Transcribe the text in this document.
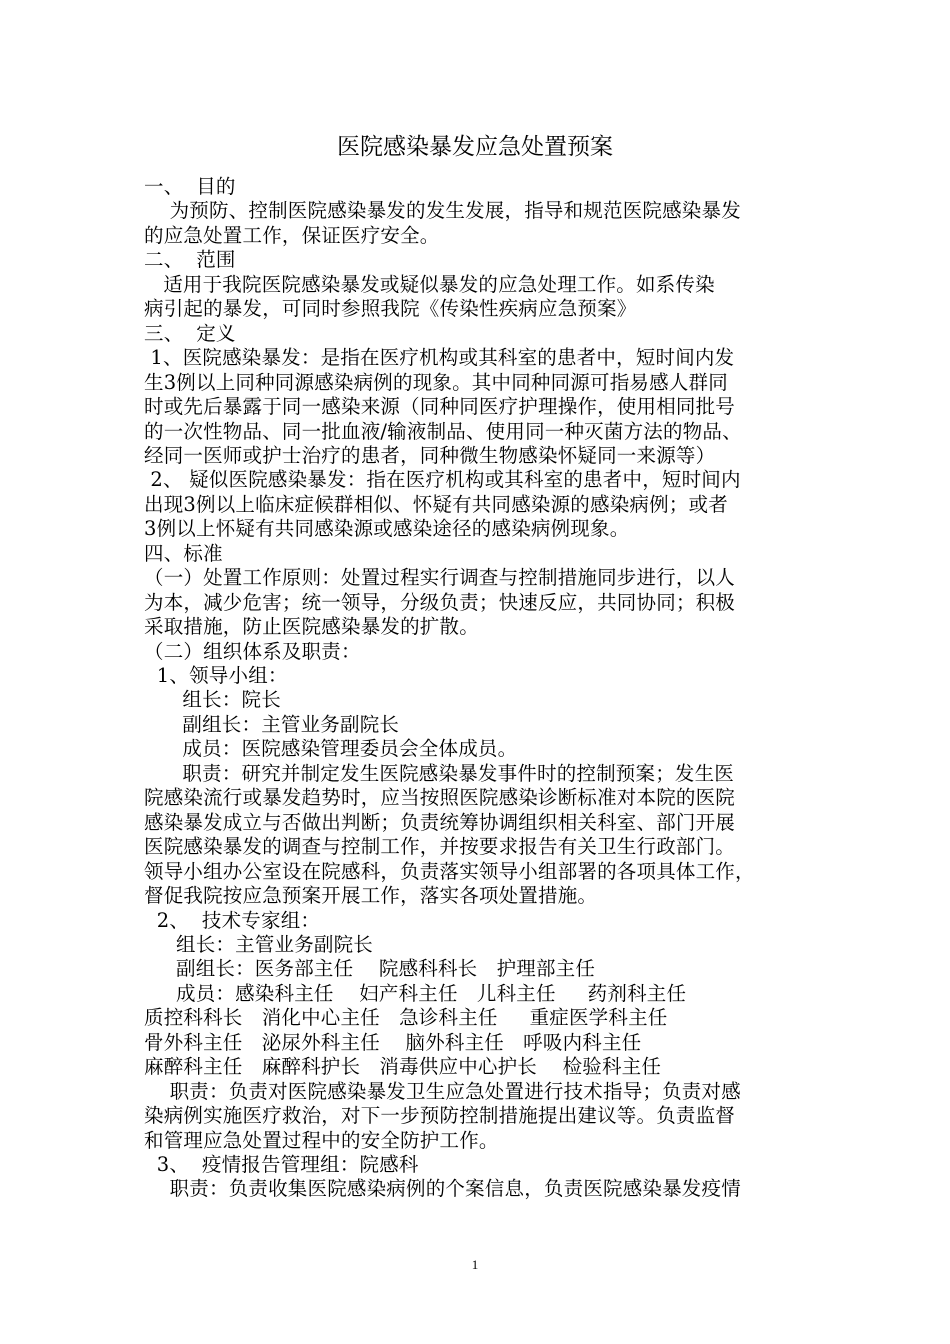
医院感染暴发应急处置预案
一、  目的
为预防、控制医院感染暴发的发生发展，指导和规范医院感染暴发
的应急处置工作，保证医疗安全。
二、  范围
适用于我院医院感染暴发或疑似暴发的应急处理工作。如系传染
病引起的暴发，可同时参照我院《传染性疾病应急预案》
三、  定义
1、医院感染暴发：是指在医疗机构或其科室的患者中，短时间内发
生3例以上同种同源感染病例的现象。其中同种同源可指易感人群同
时或先后暴露于同一感染来源（同种同医疗护理操作，使用相同批号
的一次性物品、同一批血液/输液制品、使用同一种灭菌方法的物品、
经同一医师或护士治疗的患者，同种微生物感染怀疑同一来源等）
2、 疑似医院感染暴发：指在医疗机构或其科室的患者中，短时间内
出现3例以上临床症候群相似、怀疑有共同感染源的感染病例；或者
3例以上怀疑有共同感染源或感染途径的感染病例现象。
四、标准
（一）处置工作原则：处置过程实行调查与控制措施同步进行，以人
为本，减少危害；统一领导，分级负责；快速反应，共同协同；积极
采取措施，防止医院感染暴发的扩散。
（二）组织体系及职责：
1、领导小组：
组长：院长
副组长：主管业务副院长
成员：医院感染管理委员会全体成员。
职责：研究并制定发生医院感染暴发事件时的控制预案；发生医
院感染流行或暴发趋势时，应当按照医院感染诊断标准对本院的医院
感染暴发成立与否做出判断；负责统筹协调组织相关科室、部门开展
医院感染暴发的调查与控制工作，并按要求报告有关卫生行政部门。
领导小组办公室设在院感科，负责落实领导小组部署的各项具体工作，
督促我院按应急预案开展工作，落实各项处置措施。
2、  技术专家组：
组长：主管业务副院长
副组长：医务部主任    院感科科长   护理部主任
成员：感染科主任    妇产科主任   儿科主任     药剂科主任
质控科科长   消化中心主任   急诊科主任     重症医学科主任
骨外科主任   泌尿外科主任    脑外科主任   呼吸内科主任
麻醉科主任   麻醉科护长   消毒供应中心护长    检验科主任
职责：负责对医院感染暴发卫生应急处置进行技术指导；负责对感
染病例实施医疗救治，对下一步预防控制措施提出建议等。负责监督
和管理应急处置过程中的安全防护工作。
3、  疫情报告管理组：院感科
职责：负责收集医院感染病例的个案信息，负责医院感染暴发疫情
1
